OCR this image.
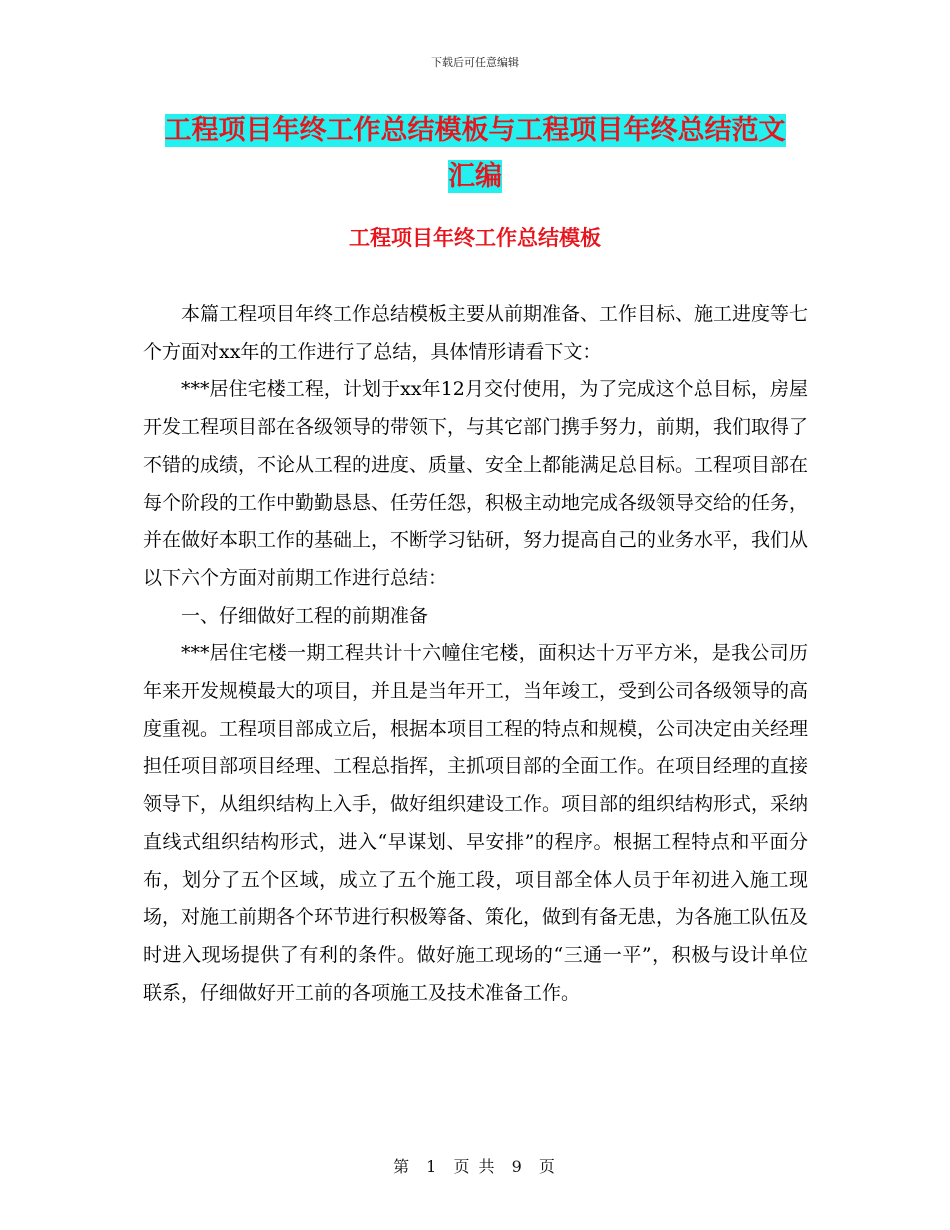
下载后可任意编辑
工程项目年终工作总结模板与工程项目年终总结范文
汇编
工程项目年终工作总结模板

本篇工程项目年终工作总结模板主要从前期准备、工作目标、施工进度等七个方面对xx年的工作进行了总结，具体情形请看下文：

***居住宅楼工程，计划于xx年12月交付使用，为了完成这个总目标，房屋开发工程项目部在各级领导的带领下，与其它部门携手努力，前期，我们取得了不错的成绩，不论从工程的进度、质量、安全上都能满足总目标。工程项目部在每个阶段的工作中勤勤恳恳、任劳任怨，积极主动地完成各级领导交给的任务，并在做好本职工作的基础上，不断学习钻研，努力提高自己的业务水平，我们从以下六个方面对前期工作进行总结：

一、仔细做好工程的前期准备

***居住宅楼一期工程共计十六幢住宅楼，面积达十万平方米，是我公司历年来开发规模最大的项目，并且是当年开工，当年竣工，受到公司各级领导的高度重视。工程项目部成立后，根据本项目工程的特点和规模，公司决定由关经理担任项目部项目经理、工程总指挥，主抓项目部的全面工作。在项目经理的直接领导下，从组织结构上入手，做好组织建设工作。项目部的组织结构形式，采纳直线式组织结构形式，进入“早谋划、早安排”的程序。根据工程特点和平面分布，划分了五个区域，成立了五个施工段，项目部全体人员于年初进入施工现场，对施工前期各个环节进行积极筹备、策化，做到有备无患，为各施工队伍及时进入现场提供了有利的条件。做好施工现场的“三通一平”，积极与设计单位联系，仔细做好开工前的各项施工及技术准备工作。

第 1 页 共 9 页
